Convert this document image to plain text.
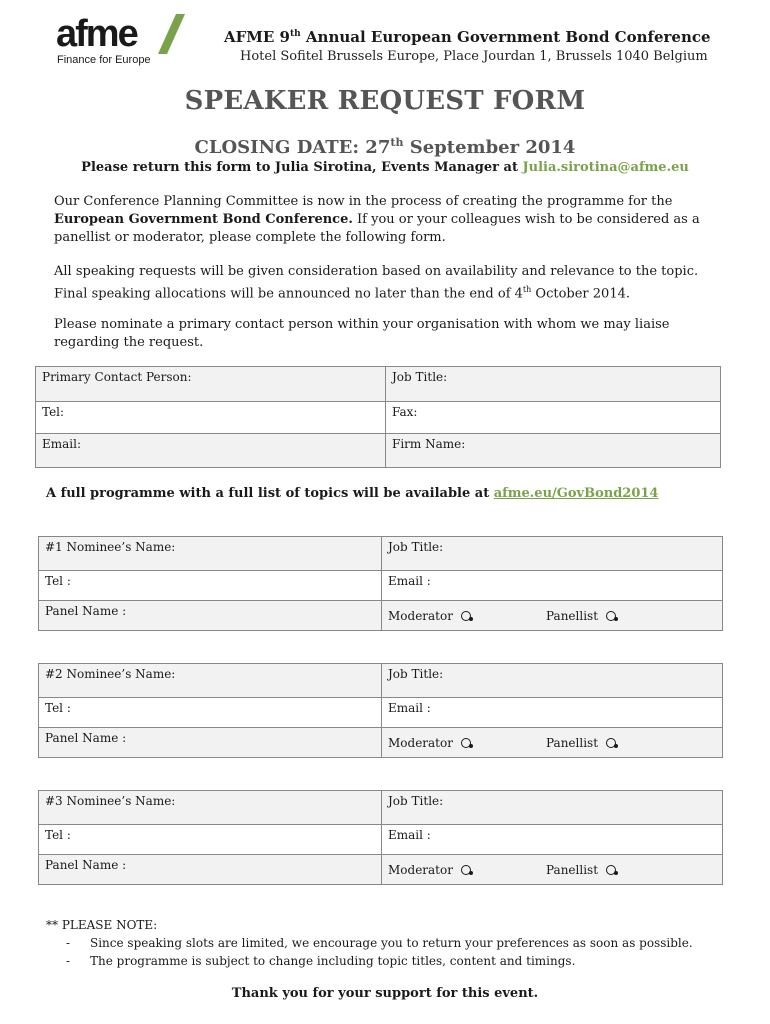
afme
Finance for Europe
AFME 9th Annual European Government Bond Conference
Hotel Sofitel Brussels Europe, Place Jourdan 1, Brussels 1040 Belgium
SPEAKER REQUEST FORM
CLOSING DATE: 27th September 2014
Please return this form to Julia Sirotina, Events Manager at Julia.sirotina@afme.eu

Our Conference Planning Committee is now in the process of creating the programme for the European Government Bond Conference. If you or your colleagues wish to be considered as a panellist or moderator, please complete the following form.

All speaking requests will be given consideration based on availability and relevance to the topic. Final speaking allocations will be announced no later than the end of 4th October 2014.

Please nominate a primary contact person within your organisation with whom we may liaise regarding the request.

Primary Contact Person:	Job Title:
Tel:	Fax:
Email:	Firm Name:
A full programme with a full list of topics will be available at afme.eu/GovBond2014
#1 Nominee’s Name:	Job Title:
Tel :	Email :
Panel Name :	Moderator Panellist
#2 Nominee’s Name:	Job Title:
Tel :	Email :
Panel Name :	Moderator Panellist
#3 Nominee’s Name:	Job Title:
Tel :	Email :
Panel Name :	Moderator Panellist
** PLEASE NOTE:
- Since speaking slots are limited, we encourage you to return your preferences as soon as possible.
- The programme is subject to change including topic titles, content and timings.
Thank you for your support for this event.
